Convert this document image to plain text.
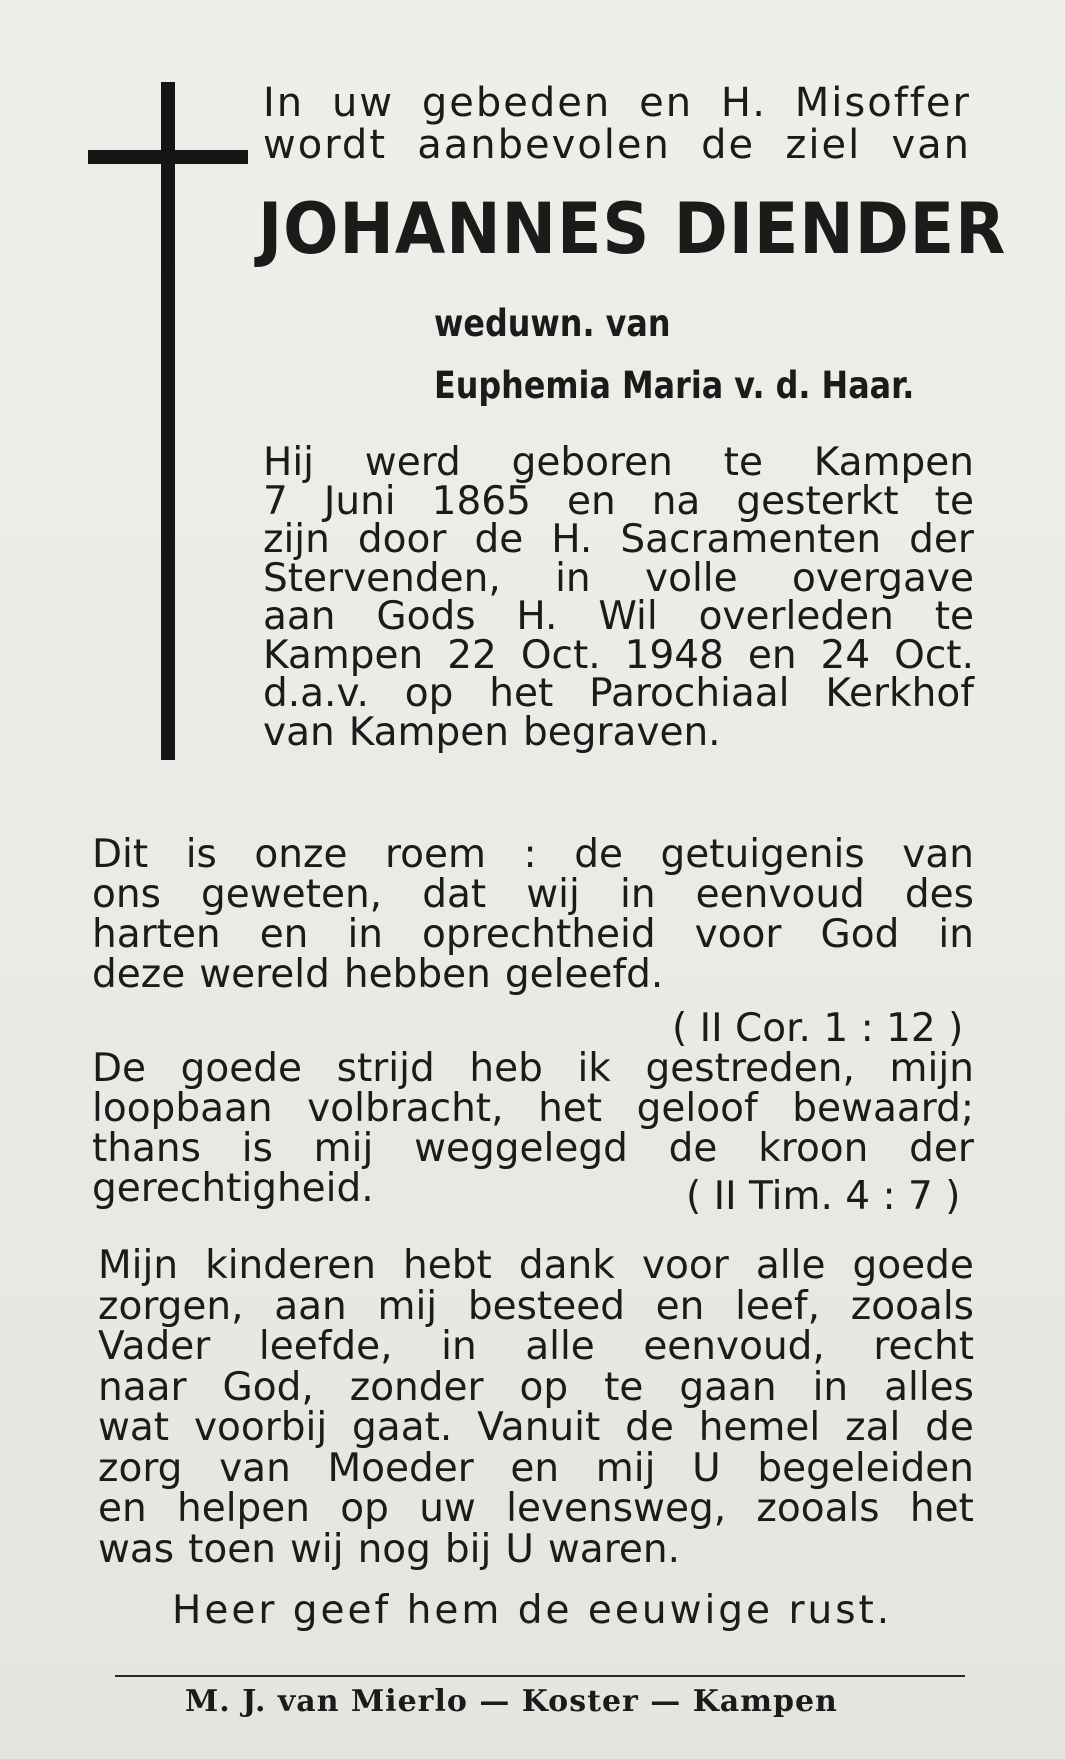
In uw gebeden en H. Misoffer

wordt aanbevolen de ziel van

JOHANNES DIENDER
weduwn. van
Euphemia Maria v. d. Haar.

Hij werd geboren te Kampen

7 Juni 1865 en na gesterkt te

zijn door de H. Sacramenten der

Stervenden, in volle overgave

aan Gods H. Wil overleden te

Kampen 22 Oct. 1948 en 24 Oct.

d.a.v. op het Parochiaal Kerkhof

van Kampen begraven.

Dit is onze roem : de getuigenis van

ons geweten, dat wij in eenvoud des

harten en in oprechtheid voor God in

deze wereld hebben geleefd.

( II Cor. 1 : 12 )

De goede strijd heb ik gestreden, mijn

loopbaan volbracht, het geloof bewaard;

thans is mij weggelegd de kroon der

gerechtigheid.	( II Tim. 4 : 7 )

Mijn kinderen hebt dank voor alle goede

zorgen, aan mij besteed en leef, zooals

Vader leefde, in alle eenvoud, recht

naar God, zonder op te gaan in alles

wat voorbij gaat. Vanuit de hemel zal de

zorg van Moeder en mij U begeleiden

en helpen op uw levensweg, zooals het

was toen wij nog bij U waren.

Heer geef hem de eeuwige rust.
M. J. van Mierlo — Koster — Kampen
